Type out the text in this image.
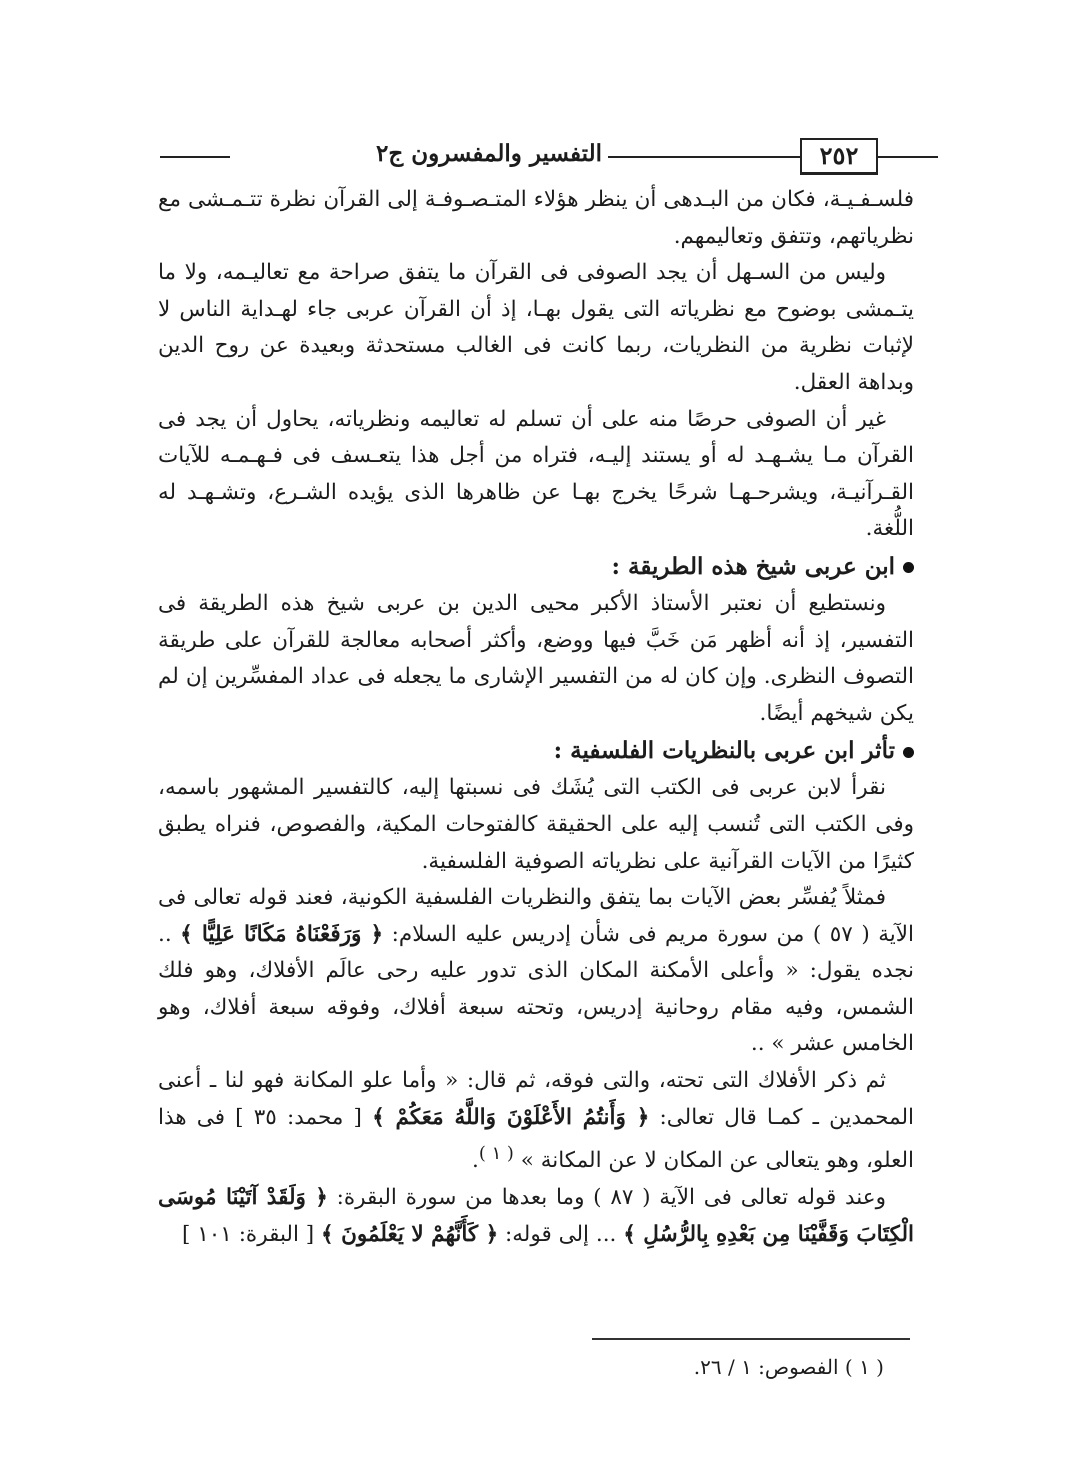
التفسير والمفسرون ج٢	٢٥٢

فلسـفـيـة، فكان من البـدهى أن ينظر هؤلاء المتـصـوفـة إلى القرآن نظرة تتـمـشى مع نظرياتهم، وتتفق وتعاليمهم.

وليس من السـهل أن يجد الصوفى فى القرآن ما يتفق صراحة مع تعاليـمه، ولا ما يتـمشى بوضوح مع نظرياته التى يقول بهـا، إذ أن القرآن عربى جاء لهـداية الناس لا لإثبات نظرية من النظريات، ربما كانت فى الغالب مستحدثة وبعيدة عن روح الدين وبداهة العقل.

غير أن الصوفى حرصًا منه على أن تسلم له تعاليمه ونظرياته، يحاول أن يجد فى القرآن مـا يشـهـد له أو يستند إليـه، فتراه من أجل هذا يتعـسف فى فـهـمـه للآيات القـرآنيـة، ويشرحـهـا شرحًا يخرج بهـا عن ظاهرها الذى يؤيده الشـرع، وتشـهـد له اللُّغة.

ابن عربى شيخ هذه الطريقة :

ونستطيع أن نعتبر الأستاذ الأكبر محيى الدين بن عربى شيخ هذه الطريقة فى التفسير، إذ أنه أظهر مَن خَبَّ فيها ووضع، وأكثر أصحابه معالجة للقرآن على طريقة التصوف النظرى. وإن كان له من التفسير الإشارى ما يجعله فى عداد المفسِّرين إن لم يكن شيخهم أيضًا.

تأثر ابن عربى بالنظريات الفلسفية :

نقرأ لابن عربى فى الكتب التى يُشَك فى نسبتها إليه، كالتفسير المشهور باسمه، وفى الكتب التى تُنسب إليه على الحقيقة كالفتوحات المكية، والفصوص، فنراه يطبق كثيرًا من الآيات القرآنية على نظرياته الصوفية الفلسفية.

فمثلاً يُفسِّر بعض الآيات بما يتفق والنظريات الفلسفية الكونية، فعند قوله تعالى فى الآية ( ٥٧ ) من سورة مريم فى شأن إدريس عليه السلام: ﴿ وَرَفَعْنَاهُ مَكَانًا عَلِيًّا ﴾ .. نجده يقول: « وأعلى الأمكنة المكان الذى تدور عليه رحى عالَم الأفلاك، وهو فلك الشمس، وفيه مقام روحانية إدريس، وتحته سبعة أفلاك، وفوقه سبعة أفلاك، وهو الخامس عشر » ..

ثم ذكر الأفلاك التى تحته، والتى فوقه، ثم قال: « وأما علو المكانة فهو لنا ـ أعنى المحمدين ـ كمـا قال تعالى: ﴿ وَأَنتُمُ الأَعْلَوْنَ وَاللَّهُ مَعَكُمْ ﴾ [ محمد: ٣٥ ] فى هذا العلو، وهو يتعالى عن المكان لا عن المكانة » $^{( ١ )}$.

وعند قوله تعالى فى الآية ( ٨٧ ) وما بعدها من سورة البقرة: ﴿ وَلَقَدْ آتَيْنَا مُوسَى الْكِتَابَ وَقَفَّيْنَا مِن بَعْدِهِ بِالرُّسُلِ ﴾ ... إلى قوله: ﴿ كَأَنَّهُمْ لا يَعْلَمُونَ ﴾ [ البقرة: ١٠١ ]

( ١ ) الفصوص: ١ / ٢٦.
